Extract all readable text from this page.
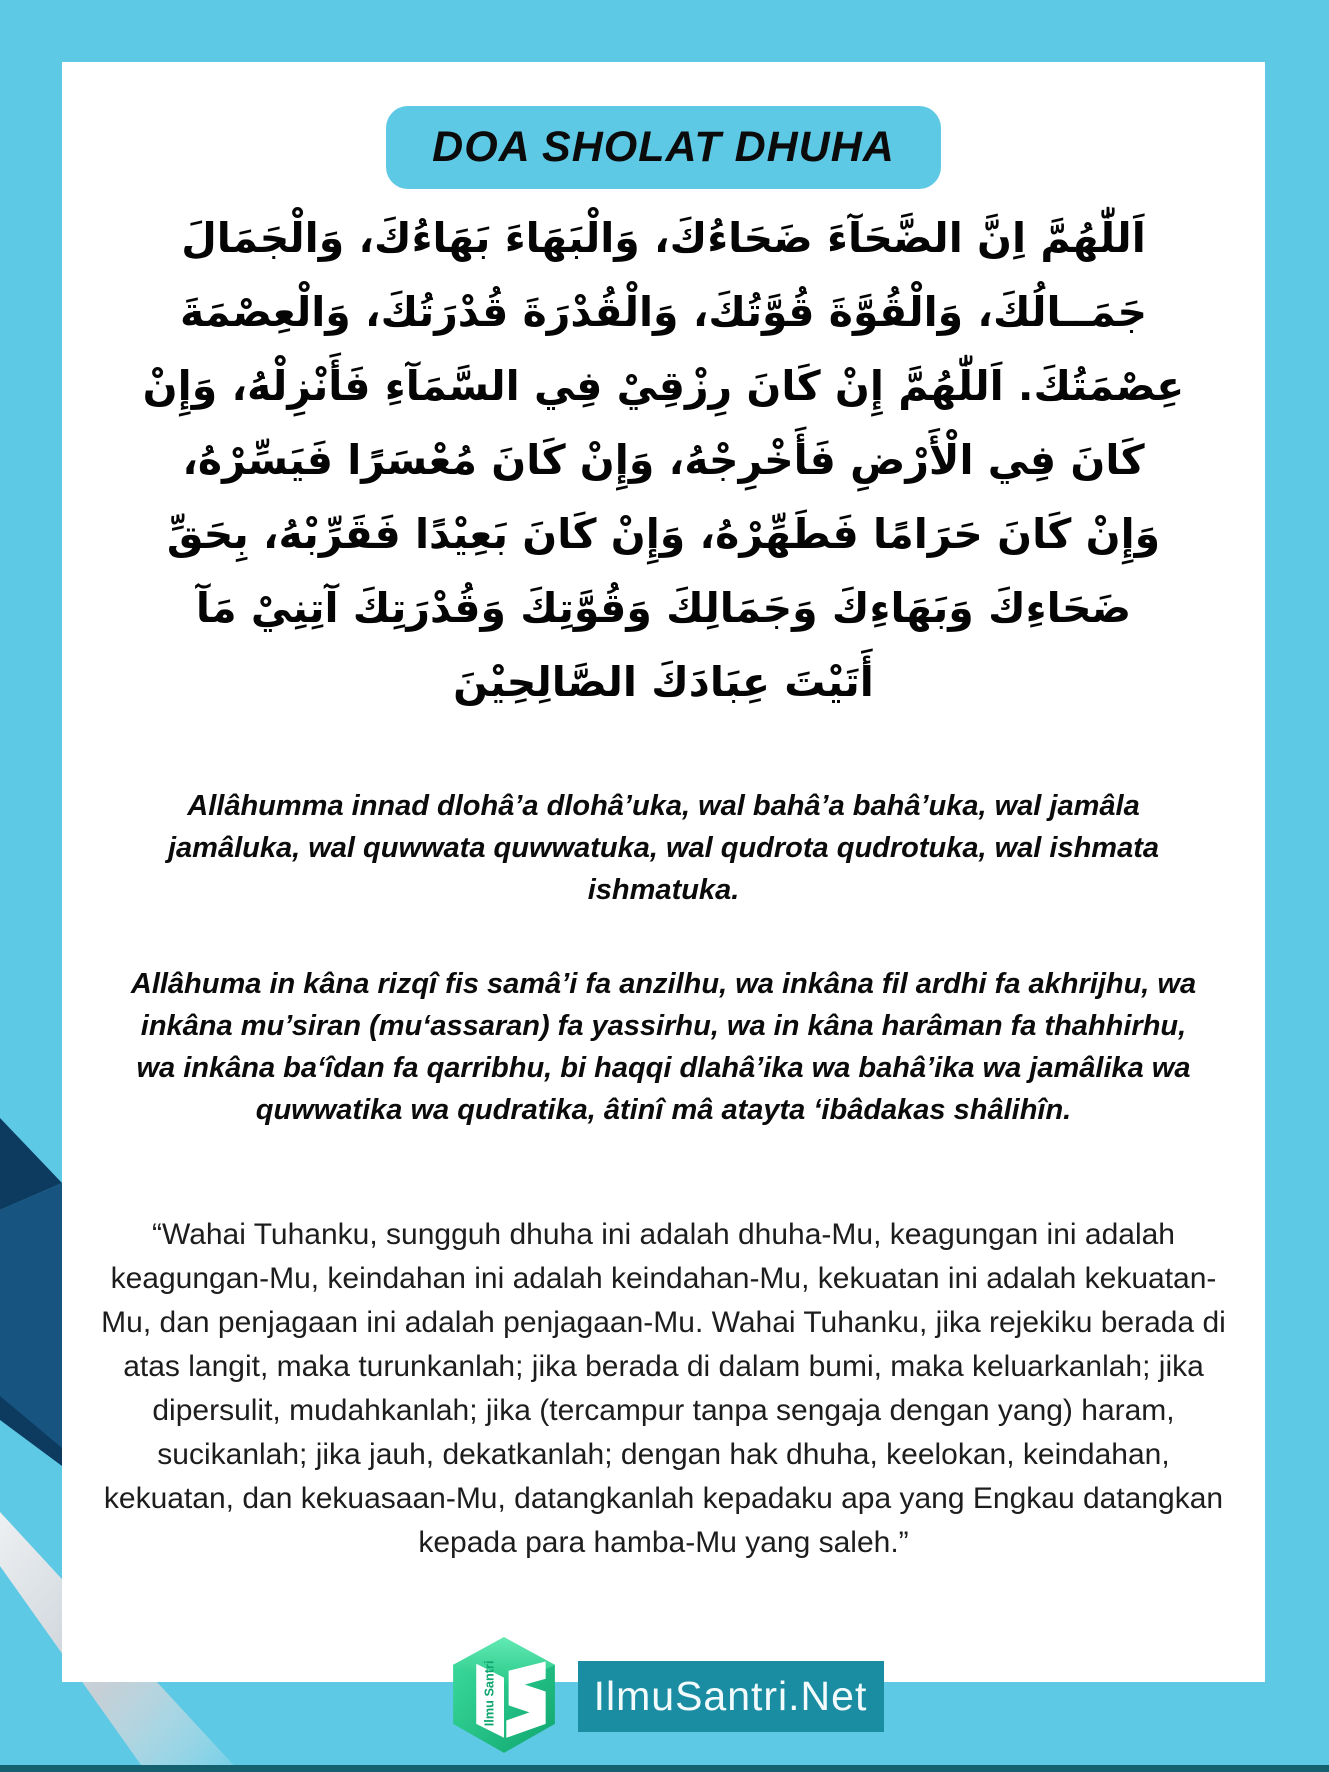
DOA SHOLAT DHUHA
اَللّٰهُمَّ اِنَّ الضَّحَآءَ ضَحَاءُكَ، وَالْبَهَاءَ بَهَاءُكَ، وَالْجَمَالَ
جَمَــالُكَ، وَالْقُوَّةَ قُوَّتُكَ، وَالْقُدْرَةَ قُدْرَتُكَ، وَالْعِصْمَةَ
عِصْمَتُكَ. اَللّٰهُمَّ إِنْ كَانَ رِزْقِيْ فِي السَّمَآءِ فَأَنْزِلْهُ، وَإِنْ
كَانَ فِي الْأَرْضِ فَأَخْرِجْهُ، وَإِنْ كَانَ مُعْسَرًا فَيَسِّرْهُ،
وَإِنْ كَانَ حَرَامًا فَطَهِّرْهُ، وَإِنْ كَانَ بَعِيْدًا فَقَرِّبْهُ، بِحَقِّ
ضَحَاءِكَ وَبَهَاءِكَ وَجَمَالِكَ وَقُوَّتِكَ وَقُدْرَتِكَ آتِنِيْ مَآ
أَتَيْتَ عِبَادَكَ الصَّالِحِيْنَ

Allâhumma innad dlohâ’a dlohâ’uka, wal bahâ’a bahâ’uka, wal jamâla jamâluka, wal quwwata quwwatuka, wal qudrota qudrotuka, wal ishmata ishmatuka.

Allâhuma in kâna rizqî fis samâ’i fa anzilhu, wa inkâna fil ardhi fa akhrijhu, wa inkâna mu’siran (mu‘assaran) fa yassirhu, wa in kâna harâman fa thahhirhu, wa inkâna ba‘îdan fa qarribhu, bi haqqi dlahâ’ika wa bahâ’ika wa jamâlika wa quwwatika wa qudratika, âtinî mâ atayta ‘ibâdakas shâlihîn.

“Wahai Tuhanku, sungguh dhuha ini adalah dhuha-Mu, keagungan ini adalah keagungan-Mu, keindahan ini adalah keindahan-Mu, kekuatan ini adalah kekuatan-Mu, dan penjagaan ini adalah penjagaan-Mu. Wahai Tuhanku, jika rejekiku berada di atas langit, maka turunkanlah; jika berada di dalam bumi, maka keluarkanlah; jika dipersulit, mudahkanlah; jika (tercampur tanpa sengaja dengan yang) haram, sucikanlah; jika jauh, dekatkanlah; dengan hak dhuha, keelokan, keindahan, kekuatan, dan kekuasaan-Mu, datangkanlah kepadaku apa yang Engkau datangkan kepada para hamba-Mu yang saleh.”

Ilmu Santri IlmuSantri.Net
